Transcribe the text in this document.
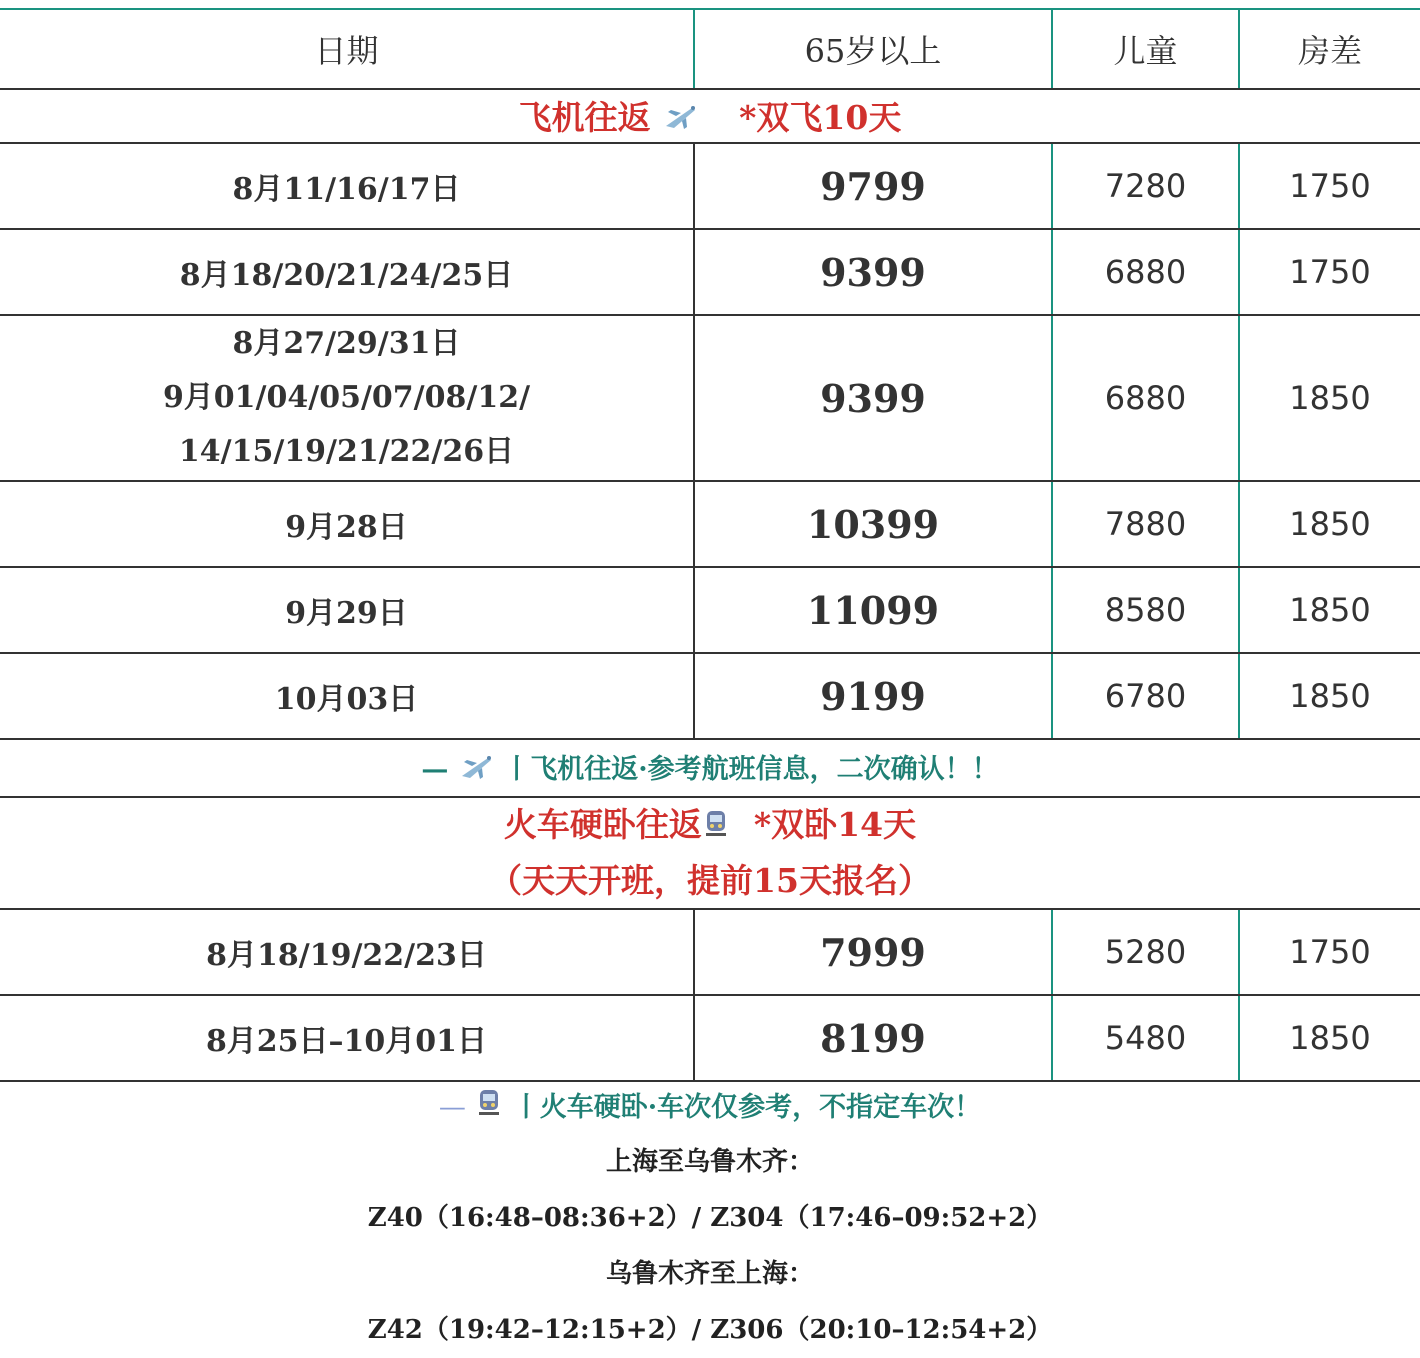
日期	65岁以上	儿童	房差
飞机往返 *双飞10天			

8月11/16/17日	9799	7280	1750

8月18/20/21/24/25日	9399	6880	1750

8月27/29/31日
9月01/04/05/07/08/12/
14/15/19/21/22/26日	9399	6880	1850

9月28日	10399	7880	1850

9月29日	11099	8580	1850

10月03日	9199	6780	1850
— 丨飞机往返·参考航班信息，二次确认！！			

火车硬卧往返 *双卧14天
（天天开班，提前15天报名）			

8月18/19/22/23日	7999	5280	1750

8月25日–10月01日	8199	5480	1850
— 丨火车硬卧·车次仅参考，不指定车次！
上海至乌鲁木齐：
Z40（16:48–08:36+2）/ Z304（17:46–09:52+2）
乌鲁木齐至上海：
Z42（19:42–12:15+2）/ Z306（20:10–12:54+2）
